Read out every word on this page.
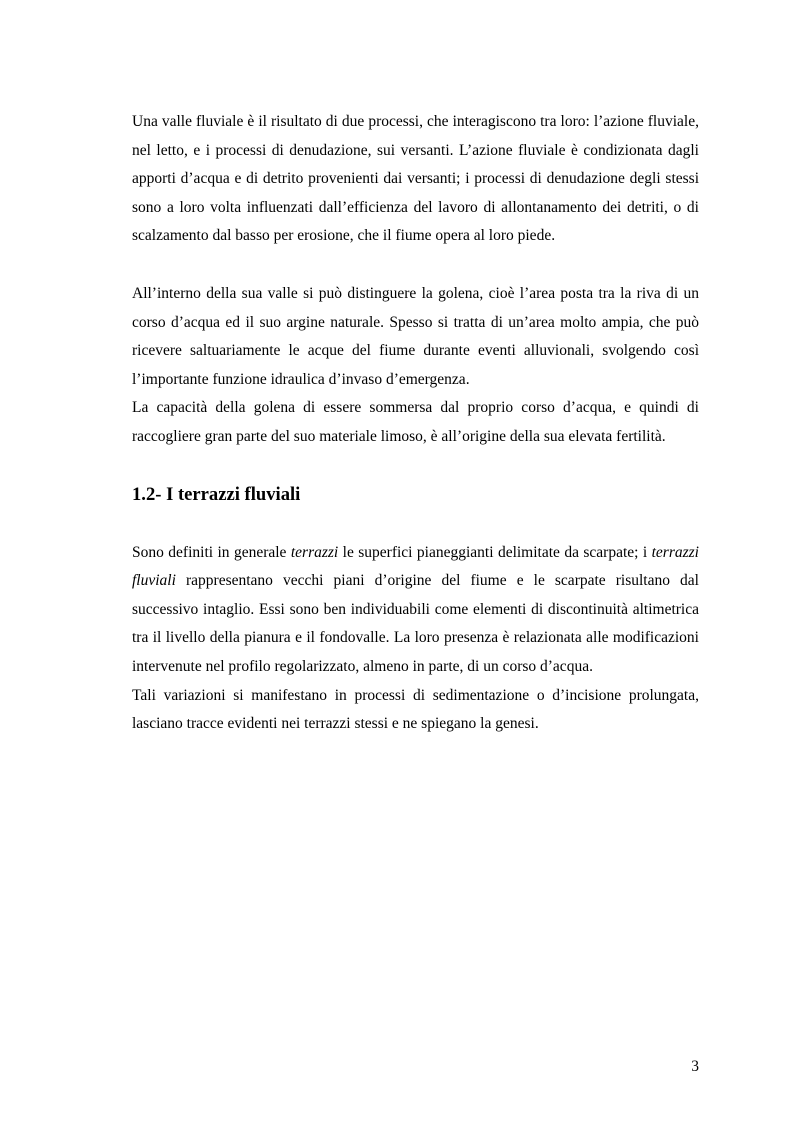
Una valle fluviale è il risultato di due processi, che interagiscono tra loro: l’azione fluviale, nel letto, e i processi di denudazione, sui versanti. L’azione fluviale è condizionata dagli apporti d’acqua e di detrito provenienti dai versanti; i processi di denudazione degli stessi sono a loro volta influenzati dall’efficienza del lavoro di allontanamento dei detriti, o di scalzamento dal basso per erosione, che il fiume opera al loro piede.

All’interno della sua valle si può distinguere la golena, cioè l’area posta tra la riva di un corso d’acqua ed il suo argine naturale. Spesso si tratta di un’area molto ampia, che può ricevere saltuariamente le acque del fiume durante eventi alluvionali, svolgendo così l’importante funzione idraulica d’invaso d’emergenza.

La capacità della golena di essere sommersa dal proprio corso d’acqua, e quindi di raccogliere gran parte del suo materiale limoso, è all’origine della sua elevata fertilità.

1.2- I terrazzi fluviali

Sono definiti in generale terrazzi le superfici pianeggianti delimitate da scarpate; i terrazzi fluviali rappresentano vecchi piani d’origine del fiume e le scarpate risultano dal successivo intaglio. Essi sono ben individuabili come elementi di discontinuità altimetrica tra il livello della pianura e il fondovalle. La loro presenza è relazionata alle modificazioni intervenute nel profilo regolarizzato, almeno in parte, di un corso d’acqua.

Tali variazioni si manifestano in processi di sedimentazione o d’incisione prolungata, lasciano tracce evidenti nei terrazzi stessi e ne spiegano la genesi.

3
